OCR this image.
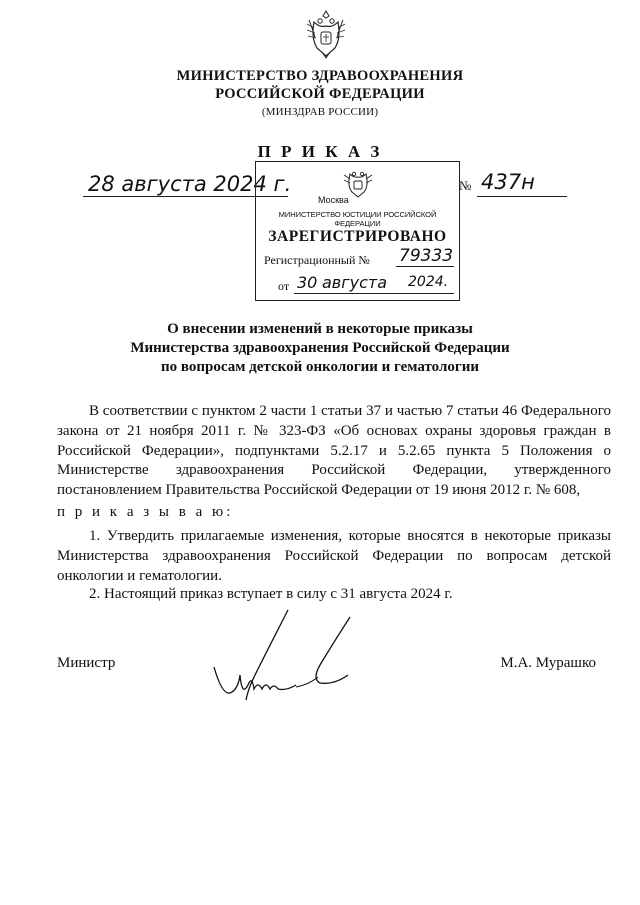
МИНИСТЕРСТВО ЗДРАВООХРАНЕНИЯ
РОССИЙСКОЙ ФЕДЕРАЦИИ
(МИНЗДРАВ РОССИИ)
П Р И К А З
28 августа 2024 г.	№ 437н
Москва
МИНИСТЕРСТВО ЮСТИЦИИ РОССИЙСКОЙ ФЕДЕРАЦИИ
ЗАРЕГИСТРИРОВАНО
Регистрационный № 79333
от 30 августа 2024.
О внесении изменений в некоторые приказы
Министерства здравоохранения Российской Федерации
по вопросам детской онкологии и гематологии
В соответствии с пунктом 2 части 1 статьи 37 и частью 7 статьи 46 Федерального закона от 21 ноября 2011 г. № 323-ФЗ «Об основах охраны здоровья граждан в Российской Федерации», подпунктами 5.2.17 и 5.2.65 пункта 5 Положения о Министерстве здравоохранения Российской Федерации, утвержденного постановлением Правительства Российской Федерации от 19 июня 2012 г. № 608,
п р и к а з ы в а ю:
1. Утвердить прилагаемые изменения, которые вносятся в некоторые приказы Министерства здравоохранения Российской Федерации по вопросам детской онкологии и гематологии.
2. Настоящий приказ вступает в силу с 31 августа 2024 г.
Министр	М.А. Мурашко
